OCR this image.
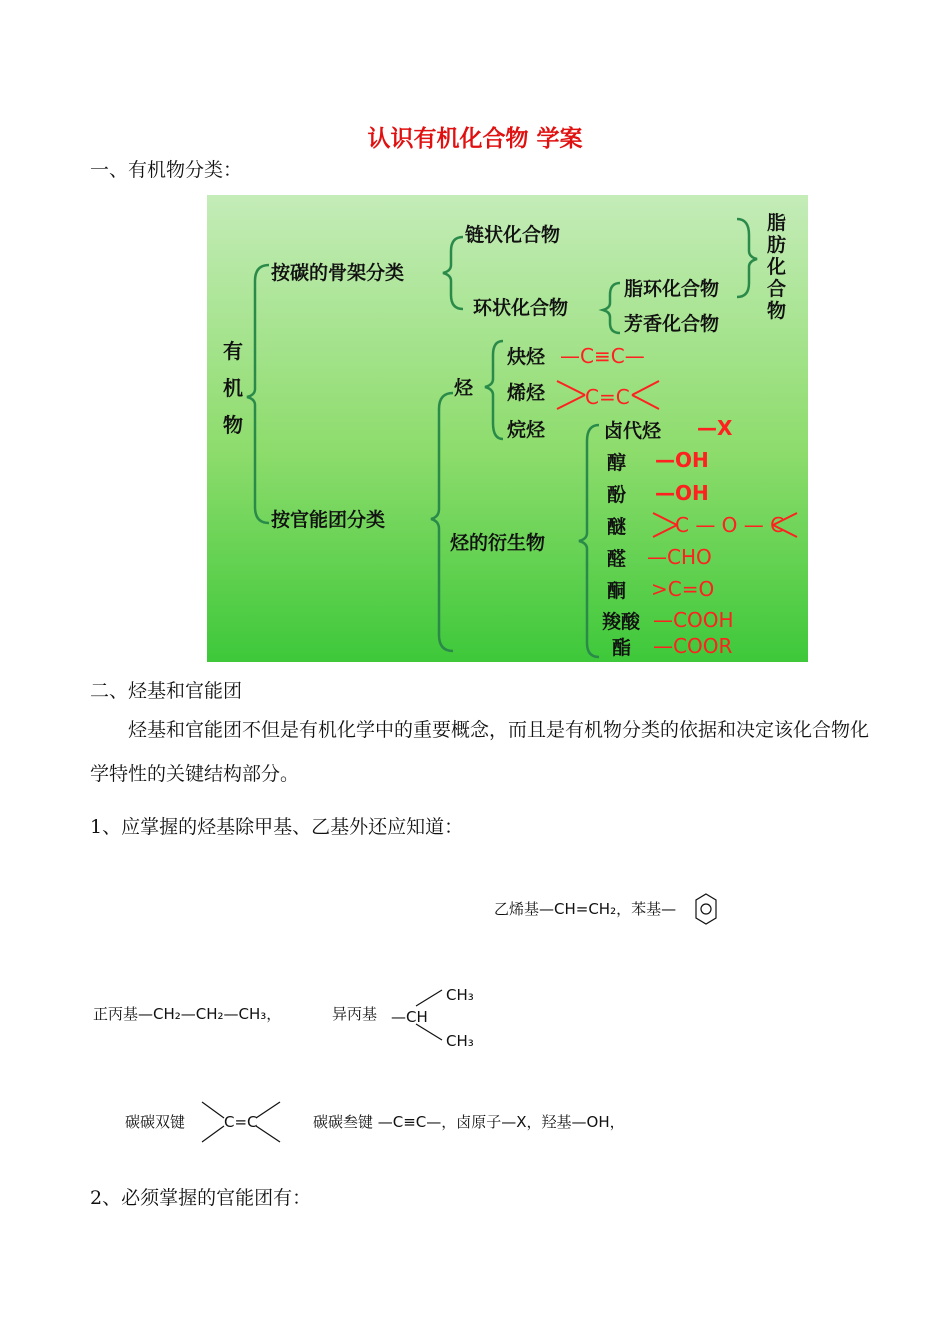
认识有机化合物 学案
一、有机物分类：
有
机
物
按碳的骨架分类
按官能团分类
链状化合物
环状化合物
脂环化合物
芳香化合物
脂
肪
化
合
物
烃
烃的衍生物
炔烃 —C≡C—
烯烃 C=C
烷烃	卤代烃 —X
醇 —OH
酚 —OH
醚 C — O — C
醛 —CHO
酮 >C=O
羧酸 —COOH
酯 —COOR
二、烃基和官能团
烃基和官能团不但是有机化学中的重要概念，而且是有机物分类的依据和决定该化合物化学特性的关键结构部分。
1、应掌握的烃基除甲基、乙基外还应知道：
乙烯基—CH=CH₂，苯基—
正丙基—CH₂—CH₂—CH₃，	异丙基 —CH
CH₃
CH₃
碳碳双键	C=C	碳碳叁键 —C≡C—，卤原子—X，羟基—OH，
2、必须掌握的官能团有：
